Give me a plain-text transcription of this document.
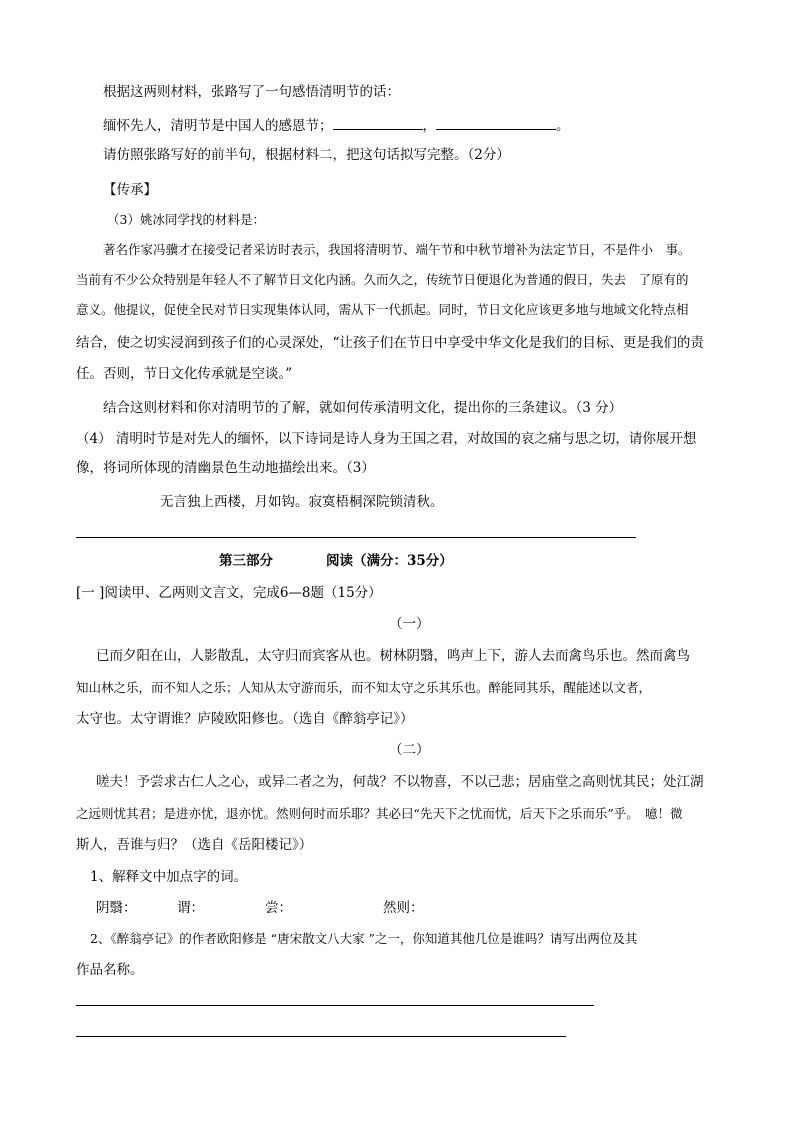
根据这两则材料，张路写了一句感悟清明节的话：
缅怀先人，清明节是中国人的感恩节；	，	。
请仿照张路写好的前半句，根据材料二，把这句话拟写完整。（2分）
【传承】
（3）姚冰同学找的材料是：
著名作家冯骥才在接受记者采访时表示，我国将清明节、端午节和中秋节增补为法定节日，不是件小　事。
当前有不少公众特别是年轻人不了解节日文化内涵。久而久之，传统节日便退化为普通的假日，失去　了原有的
意义。他提议，促使全民对节日实现集体认同，需从下一代抓起。同时，节日文化应该更多地与地域文化特点相
结合，使之切实浸润到孩子们的心灵深处，“让孩子们在节日中享受中华文化是我们的目标、更是我们的责
任。否则，节日文化传承就是空谈。”
结合这则材料和你对清明节的了解，就如何传承清明文化，提出你的三条建议。（3 分）
（4） 清明时节是对先人的缅怀，以下诗词是诗人身为王国之君，对故国的哀之痛与思之切，请你展开想
像，将词所体现的清幽景色生动地描绘出来。（3）
无言独上西楼，月如钩。寂寞梧桐深院锁清秋。
第三部分	阅读（满分：35分）
[一 ]阅读甲、乙两则文言文，完成6—8题（15分）
（一）
已而夕阳在山，人影散乱，太守归而宾客从也。树林阴翳，鸣声上下，游人去而禽鸟乐也。然而禽鸟
知山林之乐，而不知人之乐；人知从太守游而乐，而不知太守之乐其乐也。醉能同其乐，醒能述以文者，
太守也。太守谓谁？庐陵欧阳修也。（选自《醉翁亭记》）
（二）
嗟夫！予尝求古仁人之心，或异二者之为，何哉？不以物喜，不以己悲；居庙堂之高则忧其民；处江湖
之远则忧其君；是进亦忧，退亦忧。然则何时而乐耶？其必曰“先天下之忧而忧，后天下之乐而乐”乎。　噫！微
斯人，吾谁与归？（选自《岳阳楼记》）
1、解释文中加点字的词。
阴翳：	谓：	尝：	然则：
2、《醉翁亭记》的作者欧阳修是 “唐宋散文八大家 ”之一，你知道其他几位是谁吗？请写出两位及其
作品名称。
